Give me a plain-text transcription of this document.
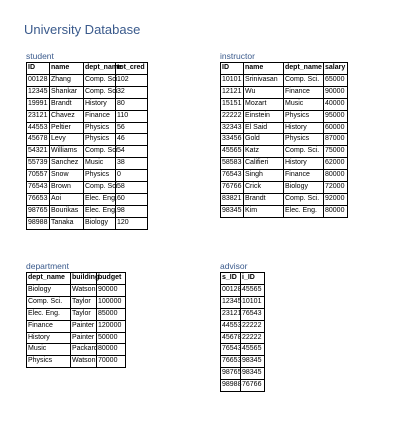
University Database
student
ID	name	dept_name	tot_cred
00128	Zhang	Comp. Sci.	102
12345	Shankar	Comp. Sci.	32
19991	Brandt	History	80
23121	Chavez	Finance	110
44553	Peltier	Physics	56
45678	Levy	Physics	46
54321	Williams	Comp. Sci.	54
55739	Sanchez	Music	38
70557	Snow	Physics	0
76543	Brown	Comp. Sci.	58
76653	Aoi	Elec. Eng.	60
98765	Bourikas	Elec. Eng.	98
98988	Tanaka	Biology	120
instructor
ID	name	dept_name	salary
10101	Srinivasan	Comp. Sci.	65000
12121	Wu	Finance	90000
15151	Mozart	Music	40000
22222	Einstein	Physics	95000
32343	El Said	History	60000
33456	Gold	Physics	87000
45565	Katz	Comp. Sci.	75000
58583	Califieri	History	62000
76543	Singh	Finance	80000
76766	Crick	Biology	72000
83821	Brandt	Comp. Sci.	92000
98345	Kim	Elec. Eng.	80000
department
dept_name	building	budget
Biology	Watson	90000
Comp. Sci.	Taylor	100000
Elec. Eng.	Taylor	85000
Finance	Painter	120000
History	Painter	50000
Music	Packard	80000
Physics	Watson	70000
advisor
s_ID	i_ID
00128	45565
12345	10101
23121	76543
44553	22222
45678	22222
76543	45565
76653	98345
98765	98345
98988	76766
